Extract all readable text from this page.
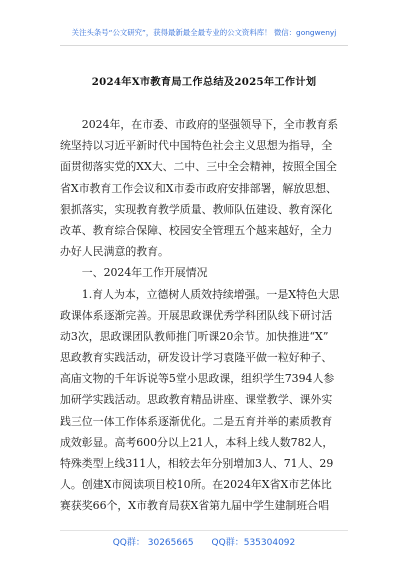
关注头条号“公文研究”，获得最新最全最专业的公文资料库！ 微信：gongwenyj
2024年X市教育局工作总结及2025年工作计划
　　2024年，在市委、市政府的坚强领导下，全市教育系
统坚持以习近平新时代中国特色社会主义思想为指导，全
面贯彻落实党的XX大、二中、三中全会精神，按照全国全
省X市教育工作会议和X市委市政府安排部署，解放思想、
狠抓落实，实现教育教学质量、教师队伍建设、教育深化
改革、教育综合保障、校园安全管理五个越来越好，全力
办好人民满意的教育。
　　一、2024年工作开展情况
　　1.育人为本，立德树人质效持续增强。一是X特色大思
政课体系逐渐完善。开展思政课优秀学科团队线下研讨活
动3次，思政课团队教师推门听课20余节。加快推进“X”
思政教育实践活动，研发设计学习袁隆平做一粒好种子、
高庙文物的千年诉说等5堂小思政课，组织学生7394人参
加研学实践活动。思政教育精品讲座、课堂教学、课外实
践三位一体工作体系逐渐优化。二是五育并举的素质教育
成效彰显。高考600分以上21人，本科上线人数782人，
特殊类型上线311人，相较去年分别增加3人、71人、29
人。创建X市阅读项目校10所。在2024年X省X市艺体比
赛获奖66个，X市教育局获X省第九届中学生建制班合唱
QQ群： 30265665　　QQ群：535304092
